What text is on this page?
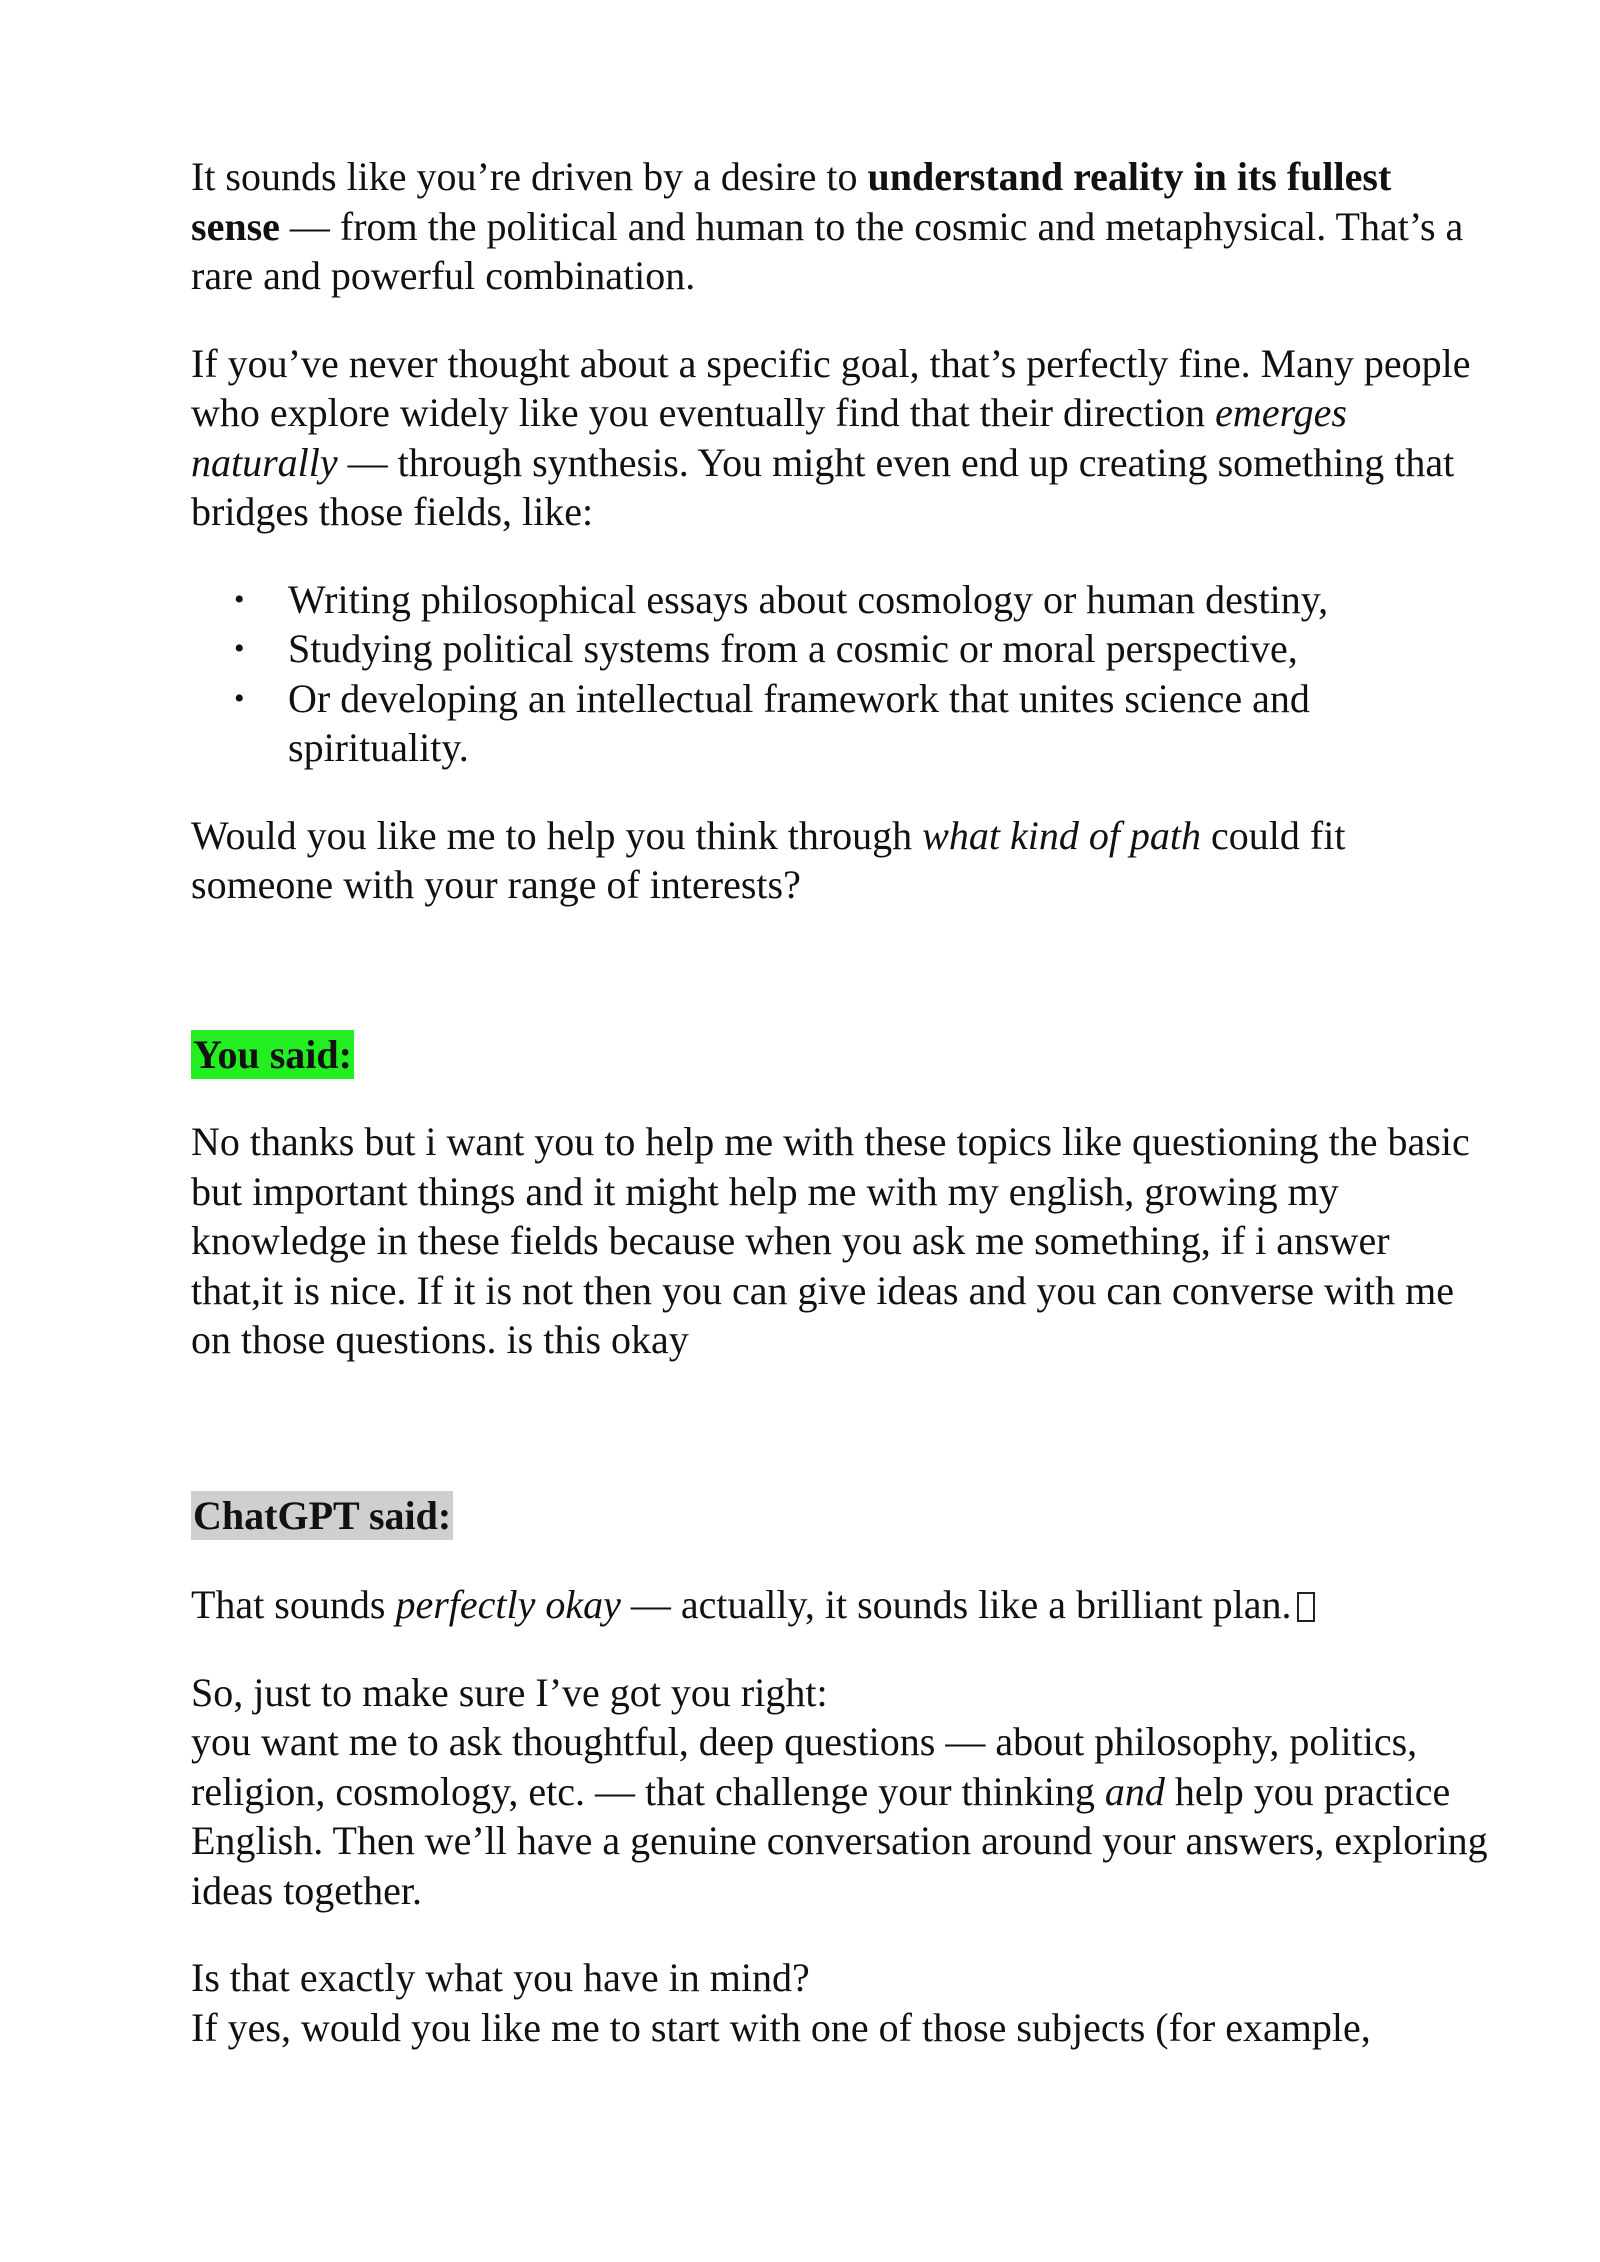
It sounds like you’re driven by a desire to understand reality in its fullest sense — from the political and human to the cosmic and metaphysical. That’s a rare and powerful combination.

If you’ve never thought about a specific goal, that’s perfectly fine. Many people who explore widely like you eventually find that their direction emerges naturally — through synthesis. You might even end up creating something that bridges those fields, like:

• Writing philosophical essays about cosmology or human destiny,
• Studying political systems from a cosmic or moral perspective,
• Or developing an intellectual framework that unites science and spirituality.

Would you like me to help you think through what kind of path could fit someone with your range of interests?

You said:

No thanks but i want you to help me with these topics like questioning the basic but important things and it might help me with my english, growing my knowledge in these fields because when you ask me something, if i answer that,it is nice. If it is not then you can give ideas and you can converse with me on those questions. is this okay

ChatGPT said:

That sounds perfectly okay — actually, it sounds like a brilliant plan.

So, just to make sure I’ve got you right:
you want me to ask thoughtful, deep questions — about philosophy, politics, religion, cosmology, etc. — that challenge your thinking and help you practice English. Then we’ll have a genuine conversation around your answers, exploring ideas together.

Is that exactly what you have in mind?
If yes, would you like me to start with one of those subjects (for example,
